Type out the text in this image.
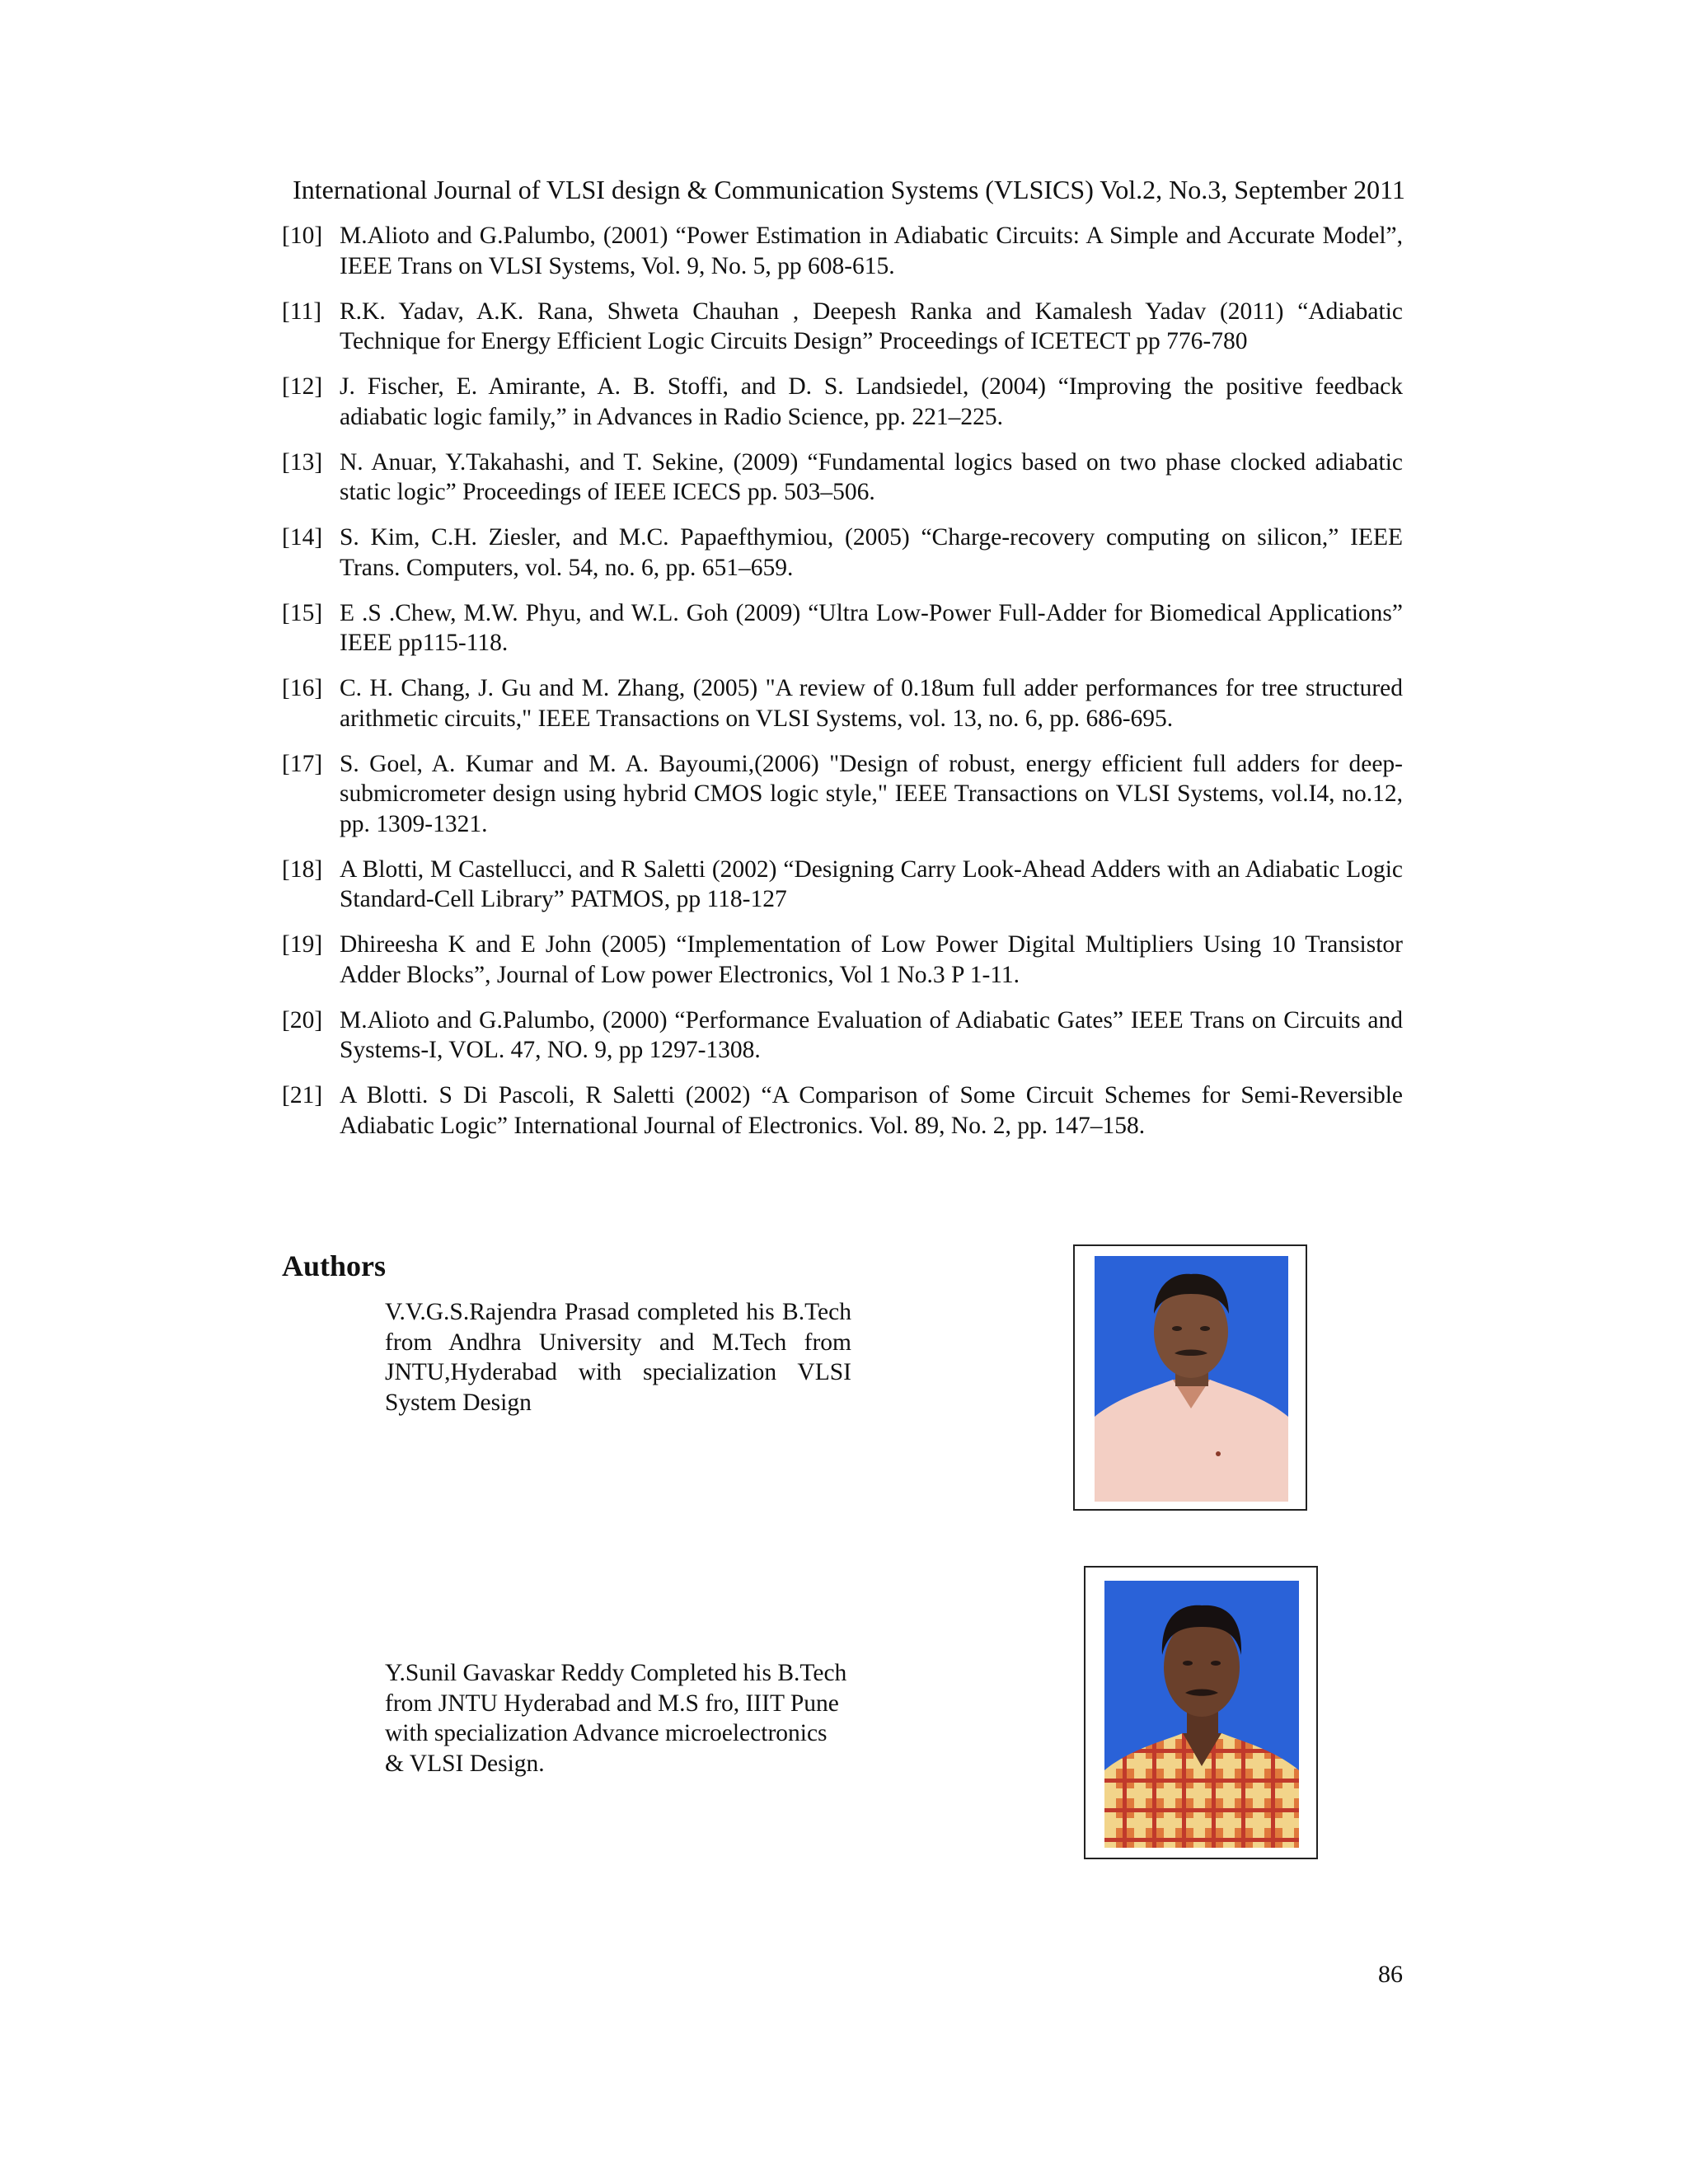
International Journal of VLSI design & Communication Systems (VLSICS) Vol.2, No.3, September 2011
[10] M.Alioto and G.Palumbo, (2001) “Power Estimation in Adiabatic Circuits: A Simple and Accurate Model”, IEEE Trans on VLSI Systems, Vol. 9, No. 5, pp 608-615.
[11] R.K. Yadav, A.K. Rana, Shweta Chauhan , Deepesh Ranka and Kamalesh Yadav (2011) “Adiabatic Technique for Energy Efficient Logic Circuits Design” Proceedings of ICETECT pp 776-780
[12] J. Fischer, E. Amirante, A. B. Stoffi, and D. S. Landsiedel, (2004) “Improving the positive feedback adiabatic logic family,” in Advances in Radio Science, pp. 221–225.
[13] N. Anuar, Y.Takahashi, and T. Sekine, (2009) “Fundamental logics based on two phase clocked adiabatic static logic” Proceedings of IEEE ICECS pp. 503–506.
[14] S. Kim, C.H. Ziesler, and M.C. Papaefthymiou, (2005) “Charge-recovery computing on silicon,” IEEE Trans. Computers, vol. 54, no. 6, pp. 651–659.
[15] E .S .Chew, M.W. Phyu, and W.L. Goh (2009) “Ultra Low-Power Full-Adder for Biomedical Applications” IEEE pp115-118.
[16] C. H. Chang, J. Gu and M. Zhang, (2005) "A review of 0.18um full adder performances for tree structured arithmetic circuits," IEEE Transactions on VLSI Systems, vol. 13, no. 6, pp. 686-695.
[17] S. Goel, A. Kumar and M. A. Bayoumi,(2006) "Design of robust, energy efficient full adders for deep-submicrometer design using hybrid CMOS logic style," IEEE Transactions on VLSI Systems, vol.I4, no.12, pp. 1309-1321.
[18] A Blotti, M Castellucci, and R Saletti (2002) “Designing Carry Look-Ahead Adders with an Adiabatic Logic Standard-Cell Library” PATMOS, pp 118-127
[19] Dhireesha K and E John (2005) “Implementation of Low Power Digital Multipliers Using 10 Transistor Adder Blocks”, Journal of Low power Electronics, Vol 1 No.3 P 1-11.
[20] M.Alioto and G.Palumbo, (2000) “Performance Evaluation of Adiabatic Gates” IEEE Trans on Circuits and Systems-I, VOL. 47, NO. 9, pp 1297-1308.
[21] A Blotti. S Di Pascoli, R Saletti (2002) “A Comparison of Some Circuit Schemes for Semi-Reversible Adiabatic Logic” International Journal of Electronics. Vol. 89, No. 2, pp. 147–158.
Authors
V.V.G.S.Rajendra Prasad completed his B.Tech from Andhra University and M.Tech from JNTU,Hyderabad with specialization VLSI System Design
Y.Sunil Gavaskar Reddy Completed his B.Tech from JNTU Hyderabad and M.S fro, IIIT Pune with specialization Advance microelectronics & VLSI Design.
86
